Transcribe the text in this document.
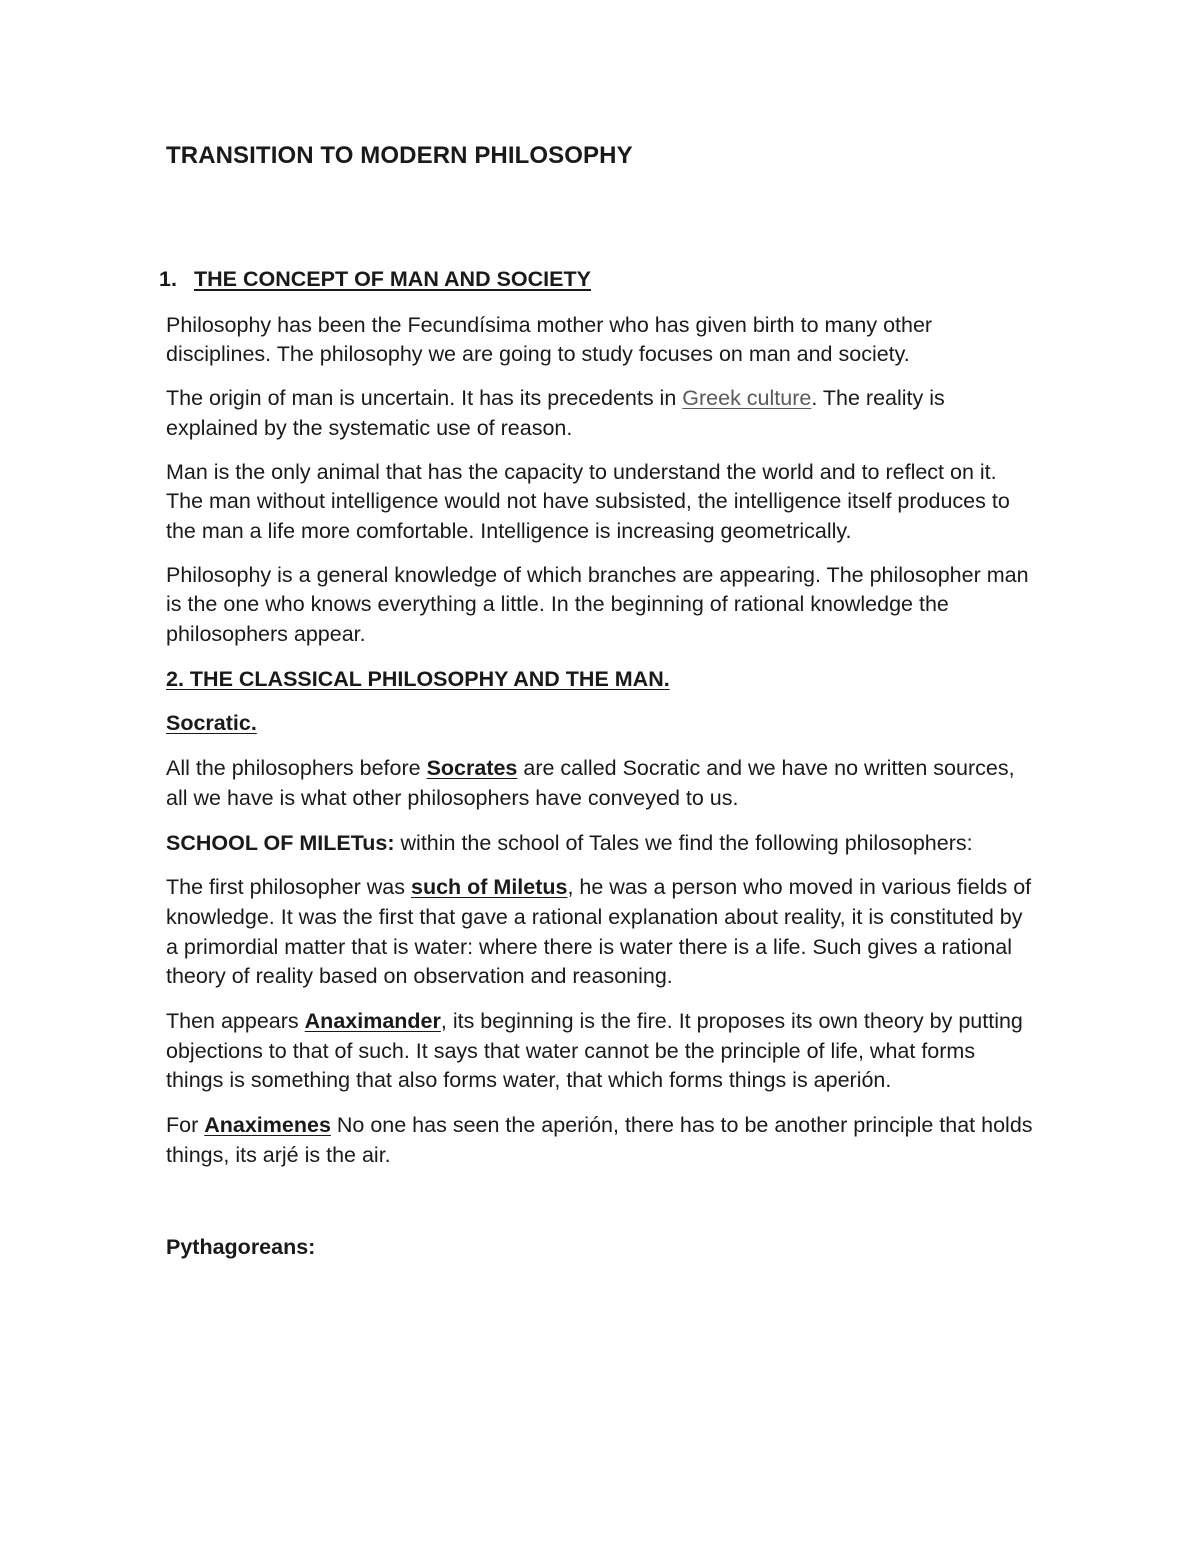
TRANSITION TO MODERN PHILOSOPHY
1. THE CONCEPT OF MAN AND SOCIETY

Philosophy has been the Fecundísima mother who has given birth to many other disciplines. The philosophy we are going to study focuses on man and society.

The origin of man is uncertain. It has its precedents in Greek culture. The reality is explained by the systematic use of reason.

Man is the only animal that has the capacity to understand the world and to reflect on it. The man without intelligence would not have subsisted, the intelligence itself produces to the man a life more comfortable. Intelligence is increasing geometrically.

Philosophy is a general knowledge of which branches are appearing. The philosopher man is the one who knows everything a little. In the beginning of rational knowledge the philosophers appear.

2. THE CLASSICAL PHILOSOPHY AND THE MAN.

Socratic.

All the philosophers before Socrates are called Socratic and we have no written sources, all we have is what other philosophers have conveyed to us.

SCHOOL OF MILETus: within the school of Tales we find the following philosophers:

The first philosopher was such of Miletus, he was a person who moved in various fields of knowledge. It was the first that gave a rational explanation about reality, it is constituted by a primordial matter that is water: where there is water there is a life. Such gives a rational theory of reality based on observation and reasoning.

Then appears Anaximander, its beginning is the fire. It proposes its own theory by putting objections to that of such. It says that water cannot be the principle of life, what forms things is something that also forms water, that which forms things is aperión.

For Anaximenes No one has seen the aperión, there has to be another principle that holds things, its arjé is the air.

Pythagoreans:
